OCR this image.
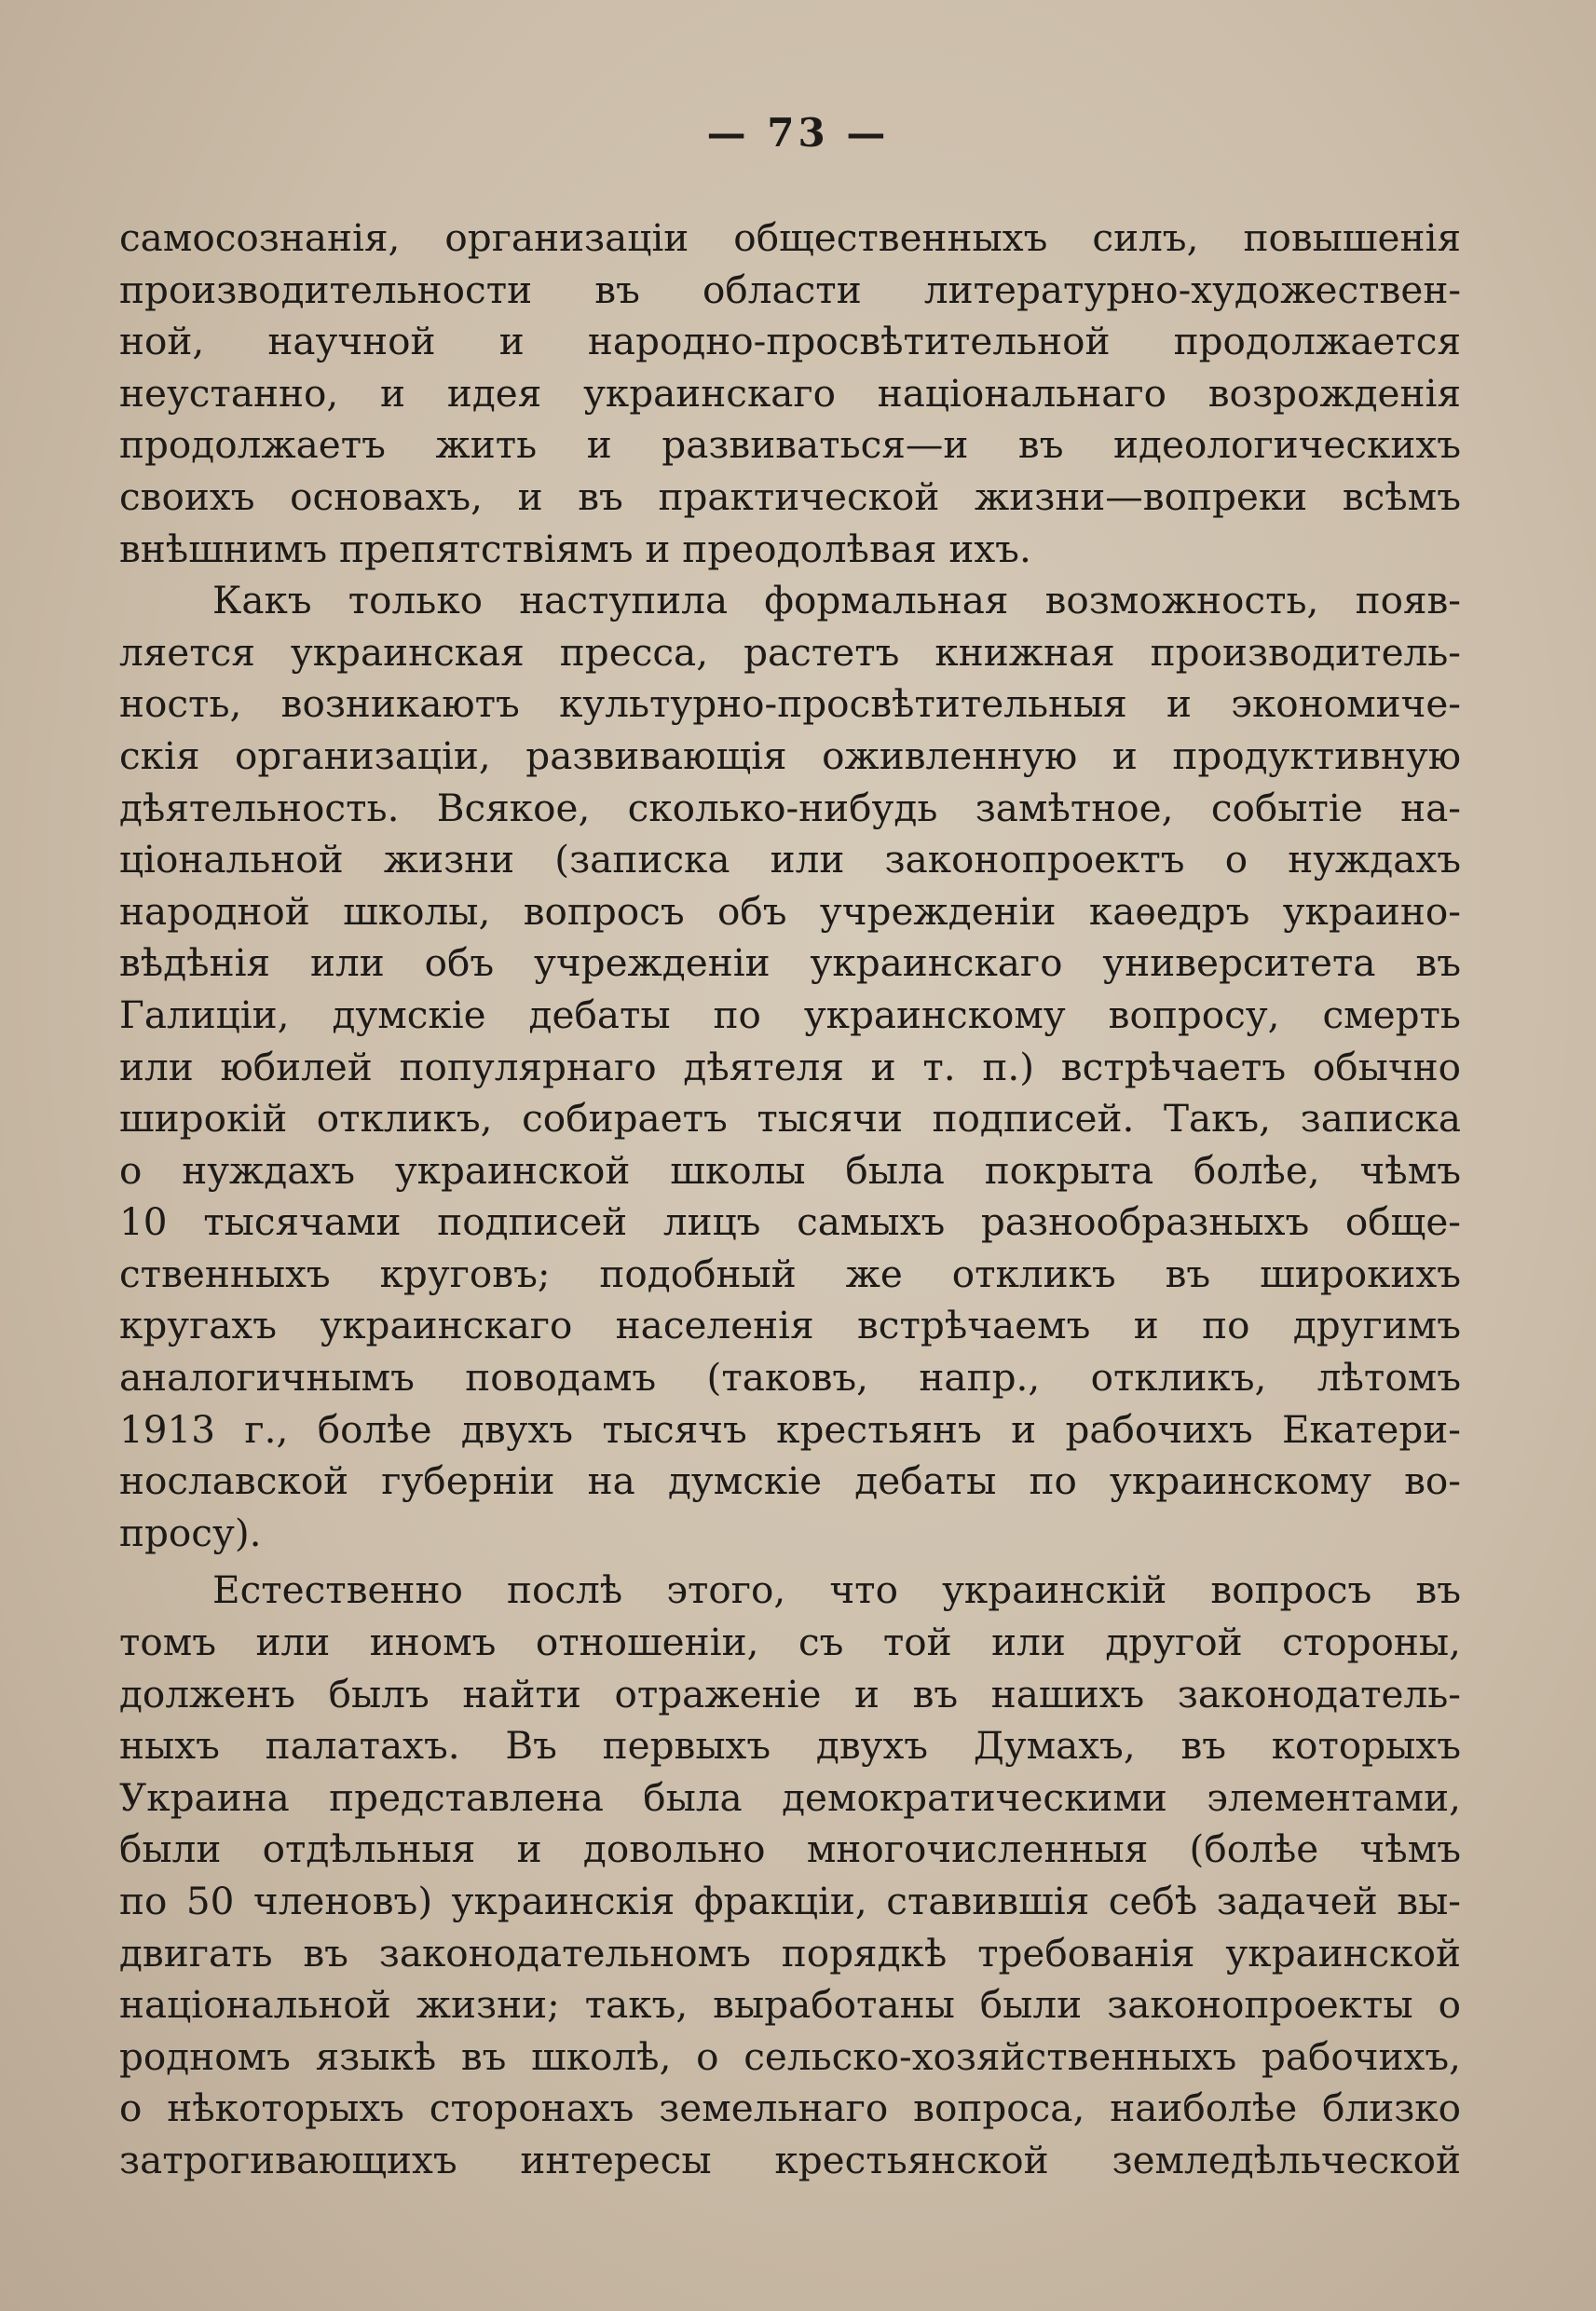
— 73 —
самосознанія, организаціи общественныхъ силъ, повышенія
производительности въ области литературно-художествен-
ной, научной и народно-просвѣтительной продолжается
неустанно, и идея украинскаго національнаго возрожденія
продолжаетъ жить и развиваться—и въ идеологическихъ
своихъ основахъ, и въ практической жизни—вопреки всѣмъ
внѣшнимъ препятствіямъ и преодолѣвая ихъ.
Какъ только наступила формальная возможность, появ-
ляется украинская пресса, растетъ книжная производитель-
ность, возникаютъ культурно-просвѣтительныя и экономиче-
скія организаціи, развивающія оживленную и продуктивную
дѣятельность. Всякое, сколько-нибудь замѣтное, событіе на-
ціональной жизни (записка или законопроектъ о нуждахъ
народной школы, вопросъ объ учрежденіи каѳедръ украино-
вѣдѣнія или объ учрежденіи украинскаго университета въ
Галиціи, думскіе дебаты по украинскому вопросу, смерть
или юбилей популярнаго дѣятеля и т. п.) встрѣчаетъ обычно
широкій откликъ, собираетъ тысячи подписей. Такъ, записка
о нуждахъ украинской школы была покрыта болѣе, чѣмъ
10 тысячами подписей лицъ самыхъ разнообразныхъ обще-
ственныхъ круговъ; подобный же откликъ въ широкихъ
кругахъ украинскаго населенія встрѣчаемъ и по другимъ
аналогичнымъ поводамъ (таковъ, напр., откликъ, лѣтомъ
1913 г., болѣе двухъ тысячъ крестьянъ и рабочихъ Екатери-
нославской губерніи на думскіе дебаты по украинскому во-
просу).
Естественно послѣ этого, что украинскій вопросъ въ
томъ или иномъ отношеніи, съ той или другой стороны,
долженъ былъ найти отраженіе и въ нашихъ законодатель-
ныхъ палатахъ. Въ первыхъ двухъ Думахъ, въ которыхъ
Украина представлена была демократическими элементами,
были отдѣльныя и довольно многочисленныя (болѣе чѣмъ
по 50 членовъ) украинскія фракціи, ставившія себѣ задачей вы-
двигать въ законодательномъ порядкѣ требованія украинской
національной жизни; такъ, выработаны были законопроекты о
родномъ языкѣ въ школѣ, о сельско-хозяйственныхъ рабочихъ,
о нѣкоторыхъ сторонахъ земельнаго вопроса, наиболѣе близко
затрогивающихъ интересы крестьянской земледѣльческой
